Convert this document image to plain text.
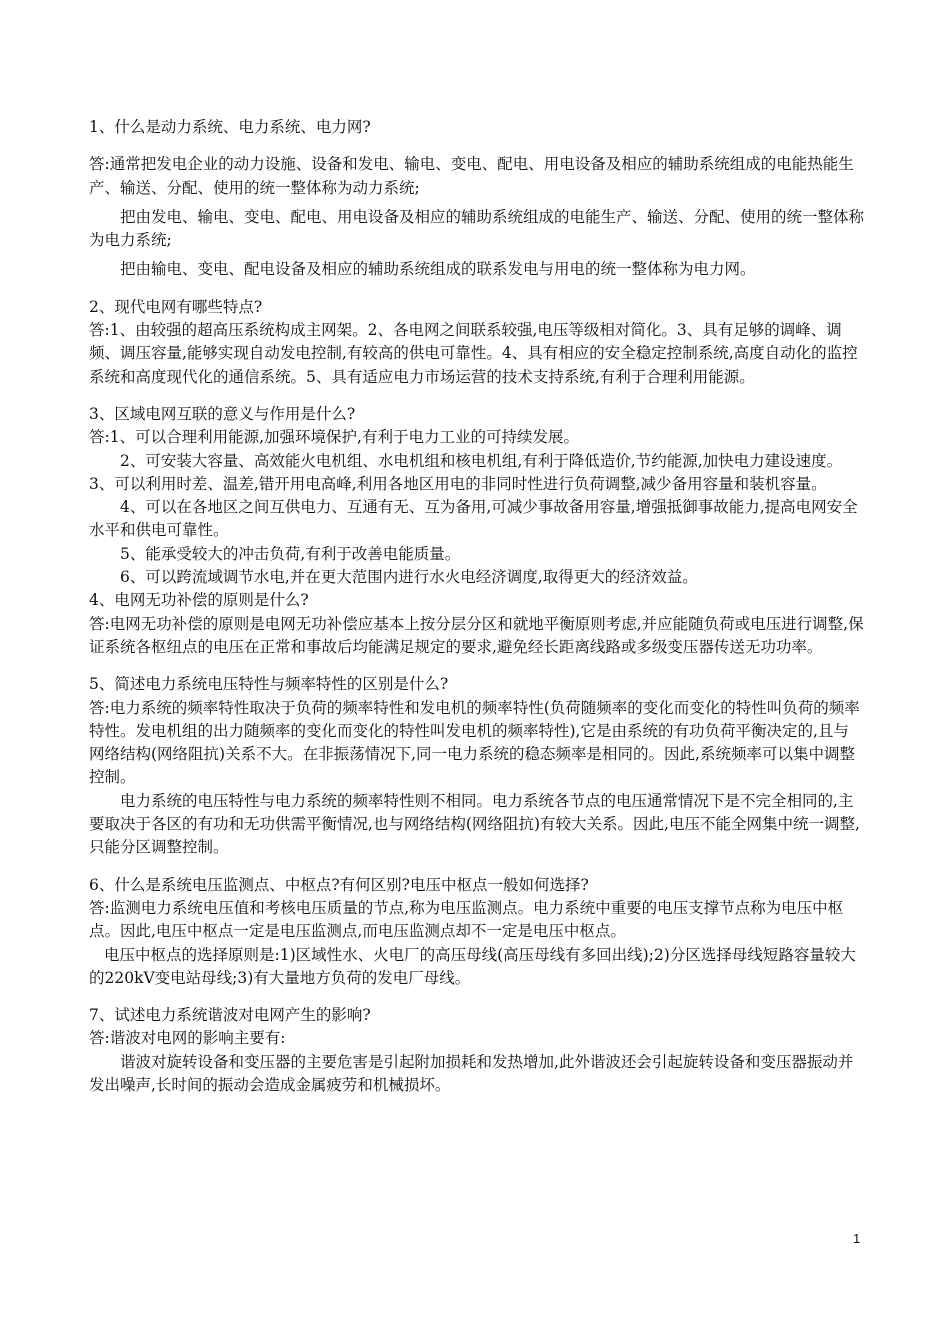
1、什么是动力系统、电力系统、电力网?

答:通常把发电企业的动力设施、设备和发电、输电、变电、配电、用电设备及相应的辅助系统组成的电能热能生产、输送、分配、使用的统一整体称为动力系统;

把由发电、输电、变电、配电、用电设备及相应的辅助系统组成的电能生产、输送、分配、使用的统一整体称为电力系统;

把由输电、变电、配电设备及相应的辅助系统组成的联系发电与用电的统一整体称为电力网。

2、现代电网有哪些特点?

答:1、由较强的超高压系统构成主网架。2、各电网之间联系较强,电压等级相对简化。3、具有足够的调峰、调频、调压容量,能够实现自动发电控制,有较高的供电可靠性。4、具有相应的安全稳定控制系统,高度自动化的监控系统和高度现代化的通信系统。5、具有适应电力市场运营的技术支持系统,有利于合理利用能源。

3、区域电网互联的意义与作用是什么?

答:1、可以合理利用能源,加强环境保护,有利于电力工业的可持续发展。

2、可安装大容量、高效能火电机组、水电机组和核电机组,有利于降低造价,节约能源,加快电力建设速度。

3、可以利用时差、温差,错开用电高峰,利用各地区用电的非同时性进行负荷调整,减少备用容量和装机容量。

4、可以在各地区之间互供电力、互通有无、互为备用,可减少事故备用容量,增强抵御事故能力,提高电网安全水平和供电可靠性。

5、能承受较大的冲击负荷,有利于改善电能质量。

6、可以跨流域调节水电,并在更大范围内进行水火电经济调度,取得更大的经济效益。

4、电网无功补偿的原则是什么?

答:电网无功补偿的原则是电网无功补偿应基本上按分层分区和就地平衡原则考虑,并应能随负荷或电压进行调整,保证系统各枢纽点的电压在正常和事故后均能满足规定的要求,避免经长距离线路或多级变压器传送无功功率。

5、简述电力系统电压特性与频率特性的区别是什么?

答:电力系统的频率特性取决于负荷的频率特性和发电机的频率特性(负荷随频率的变化而变化的特性叫负荷的频率特性。发电机组的出力随频率的变化而变化的特性叫发电机的频率特性),它是由系统的有功负荷平衡决定的,且与网络结构(网络阻抗)关系不大。在非振荡情况下,同一电力系统的稳态频率是相同的。因此,系统频率可以集中调整控制。

电力系统的电压特性与电力系统的频率特性则不相同。电力系统各节点的电压通常情况下是不完全相同的,主要取决于各区的有功和无功供需平衡情况,也与网络结构(网络阻抗)有较大关系。因此,电压不能全网集中统一调整,只能分区调整控制。

6、什么是系统电压监测点、中枢点?有何区别?电压中枢点一般如何选择?

答:监测电力系统电压值和考核电压质量的节点,称为电压监测点。电力系统中重要的电压支撑节点称为电压中枢点。因此,电压中枢点一定是电压监测点,而电压监测点却不一定是电压中枢点。

电压中枢点的选择原则是:1)区域性水、火电厂的高压母线(高压母线有多回出线);2)分区选择母线短路容量较大的220kV变电站母线;3)有大量地方负荷的发电厂母线。

7、试述电力系统谐波对电网产生的影响?

答:谐波对电网的影响主要有:

谐波对旋转设备和变压器的主要危害是引起附加损耗和发热增加,此外谐波还会引起旋转设备和变压器振动并发出噪声,长时间的振动会造成金属疲劳和机械损坏。

1
